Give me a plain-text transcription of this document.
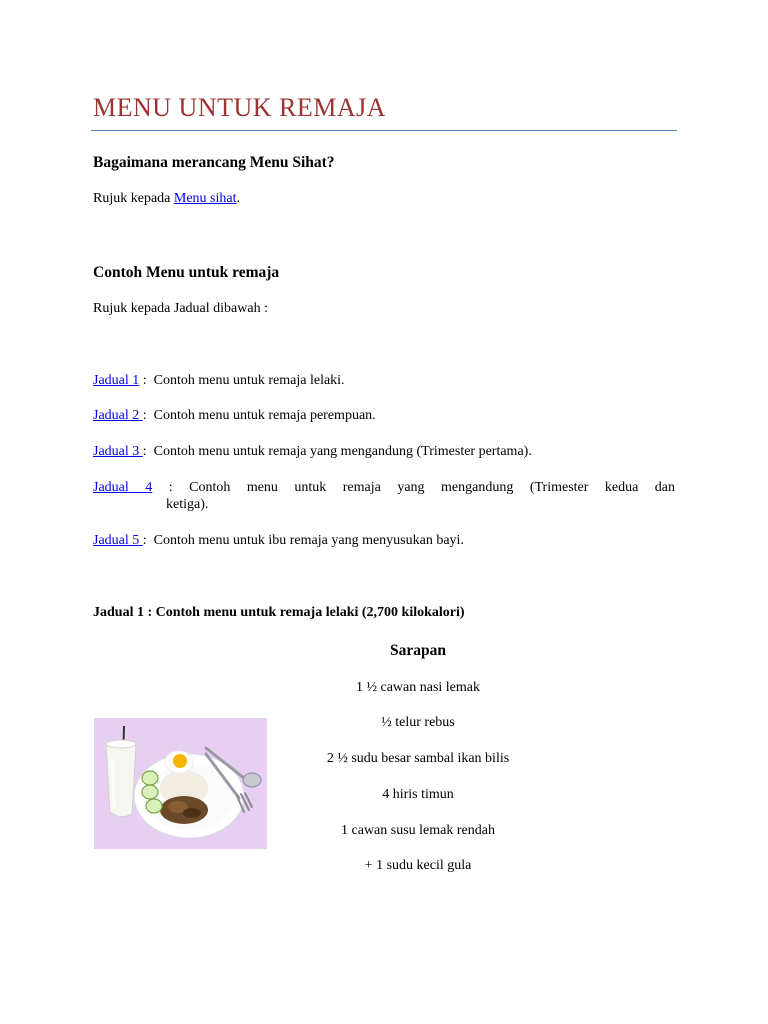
MENU UNTUK REMAJA
Bagaimana merancang Menu Sihat?

Rujuk kepada Menu sihat.

Contoh Menu untuk remaja

Rujuk kepada Jadual dibawah :

Jadual 1 :  Contoh menu untuk remaja lelaki.

Jadual 2 :  Contoh menu untuk remaja perempuan.

Jadual 3 :  Contoh menu untuk remaja yang mengandung (Trimester pertama).

Jadual 4 : Contoh menu untuk remaja yang mengandung (Trimester kedua dan

ketiga).

Jadual 5 :  Contoh menu untuk ibu remaja yang menyusukan bayi.

Jadual 1 : Contoh menu untuk remaja lelaki (2,700 kilokalori)

Sarapan

1 ½ cawan nasi lemak

½ telur rebus

2 ½ sudu besar sambal ikan bilis

4 hiris timun

1 cawan susu lemak rendah

+ 1 sudu kecil gula
